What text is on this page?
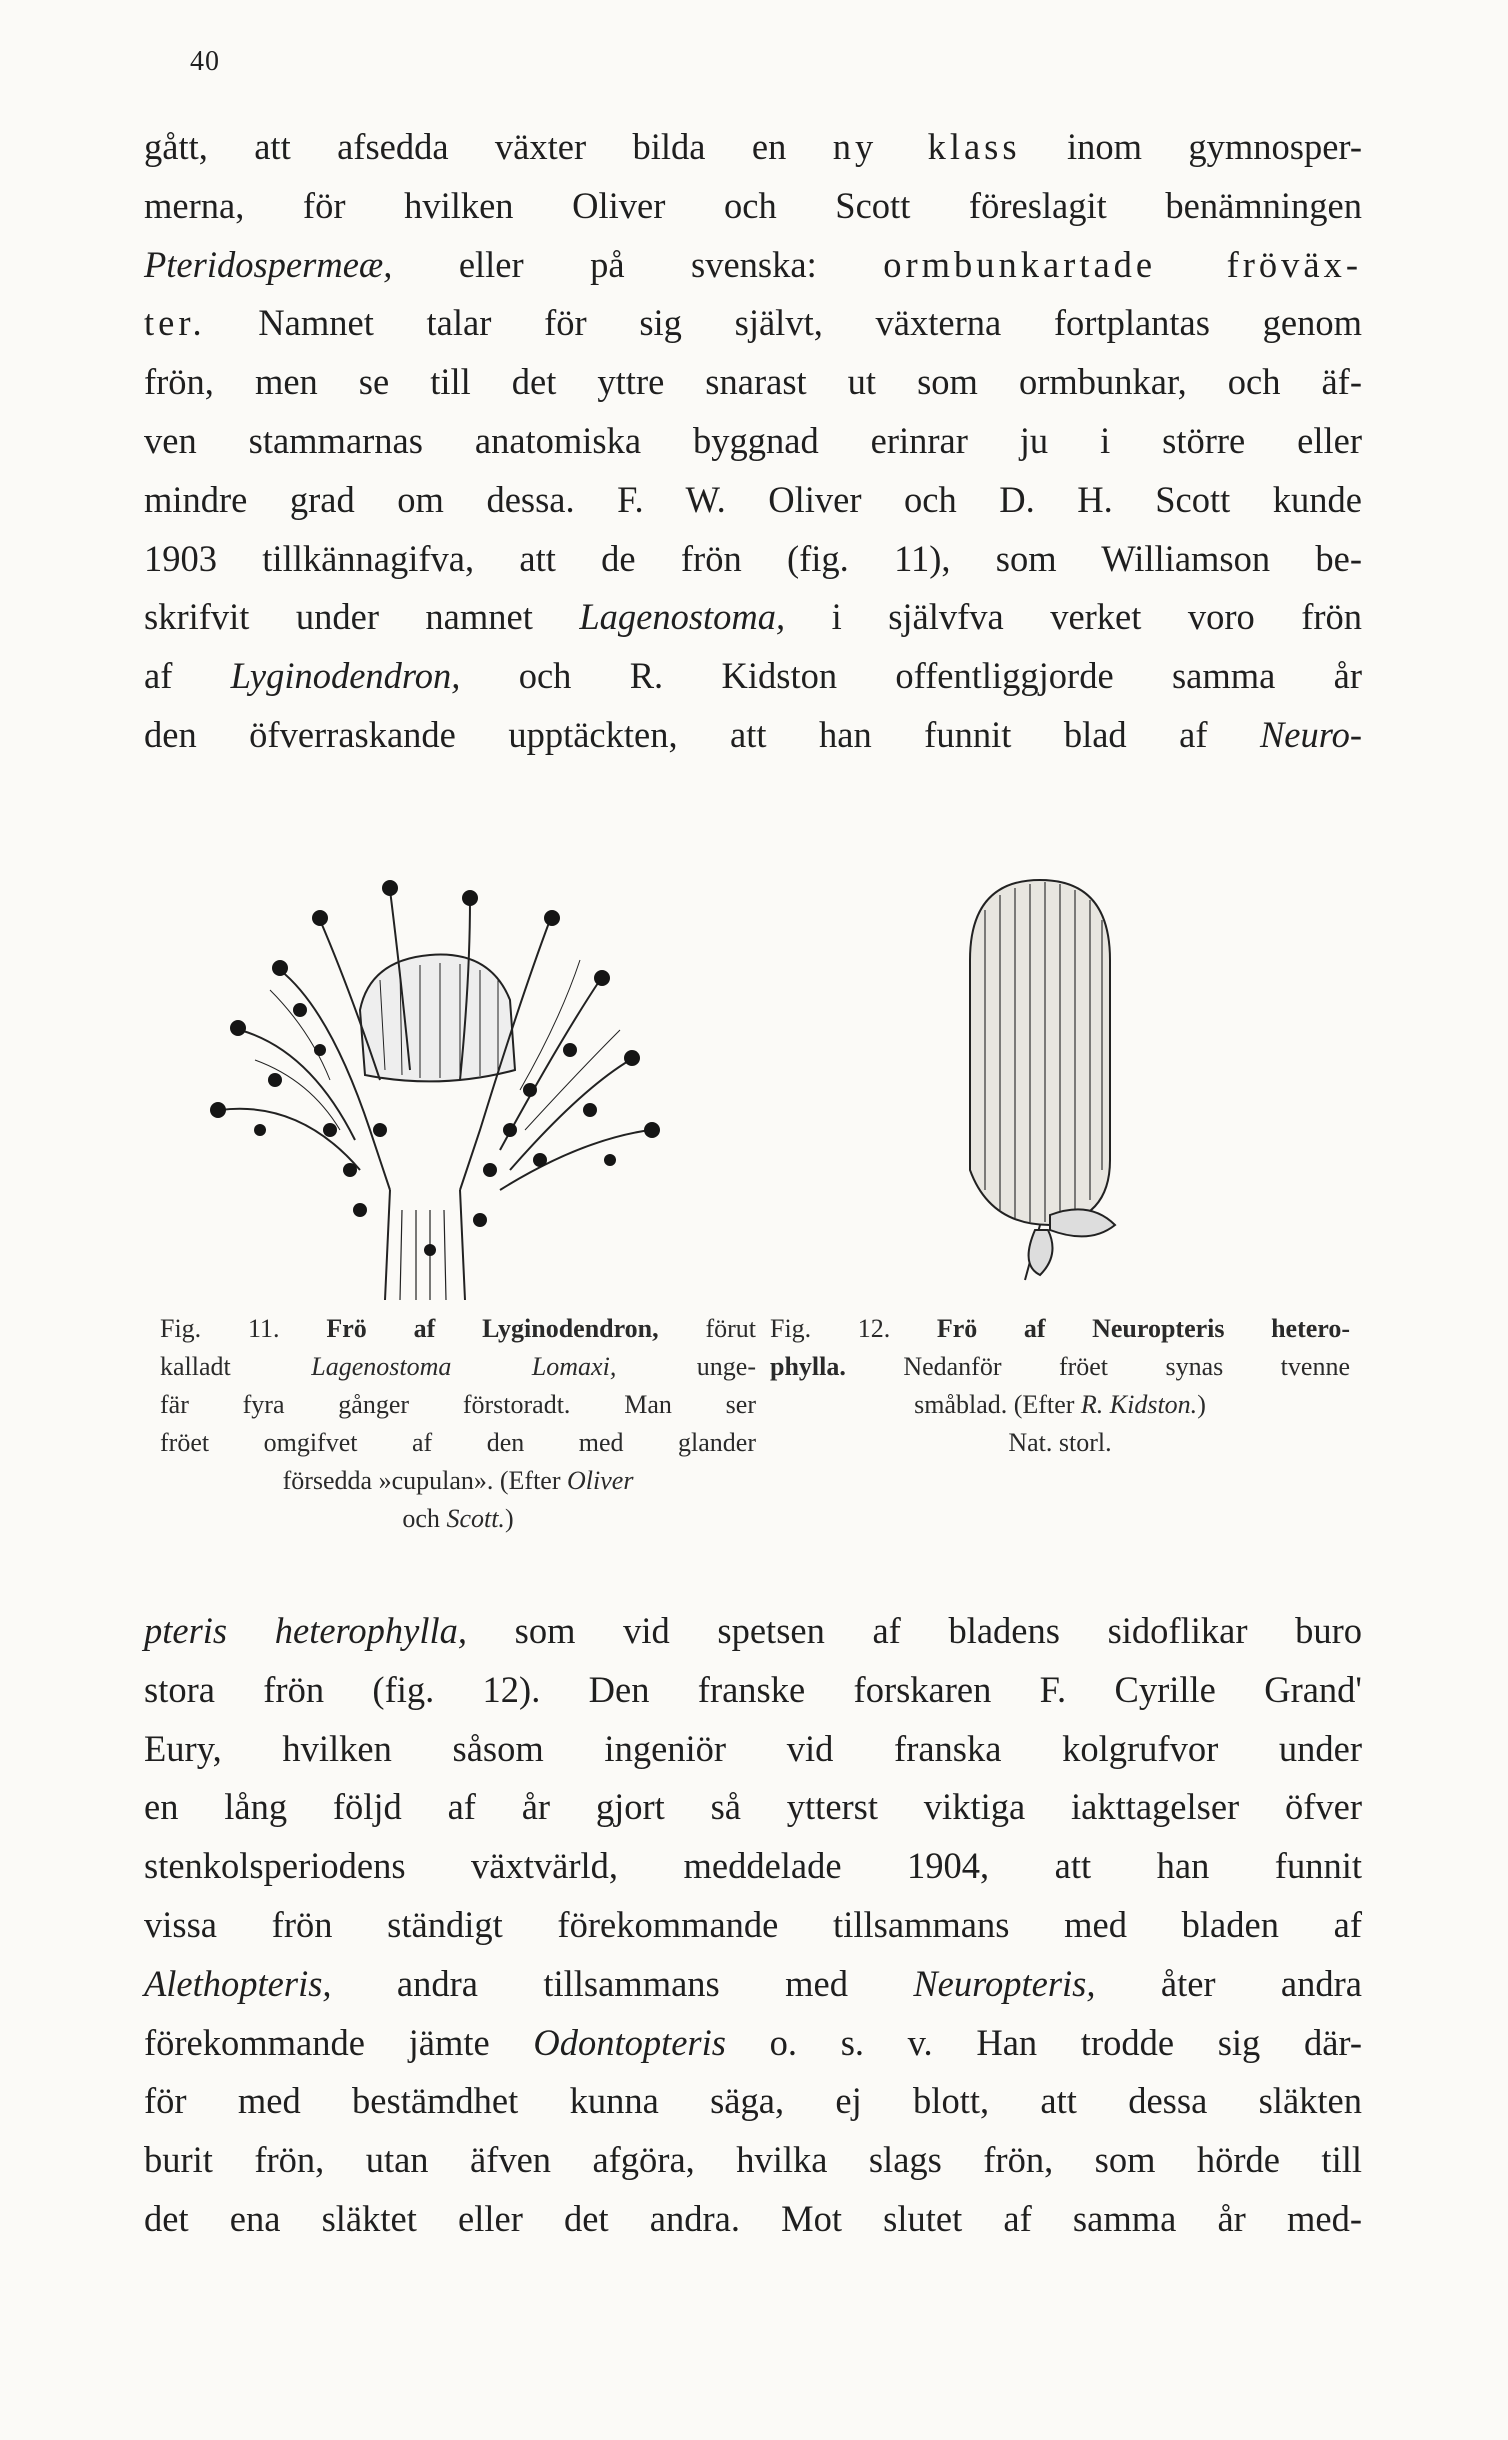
40
gått, att afsedda växter bilda en ny klass inom gymnosper-
merna, för hvilken Oliver och Scott föreslagit benämningen
Pteridospermeæ, eller på svenska: ormbunkartade fröväx-
ter. Namnet talar för sig självt, växterna fortplantas genom
frön, men se till det yttre snarast ut som ormbunkar, och äf-
ven stammarnas anatomiska byggnad erinrar ju i större eller
mindre grad om dessa. F. W. Oliver och D. H. Scott kunde
1903 tillkännagifva, att de frön (fig. 11), som Williamson be-
skrifvit under namnet Lagenostoma, i självfva verket voro frön
af Lyginodendron, och R. Kidston offentliggjorde samma år
den öfverraskande upptäckten, att han funnit blad af Neuro-
Fig. 11. Frö af Lyginodendron, förut
kalladt Lagenostoma Lomaxi, unge-
fär fyra gånger förstoradt. Man ser
fröet omgifvet af den med glander
försedda »cupulan». (Efter Oliver
och Scott.)
Fig. 12. Frö af Neuropteris hetero-
phylla. Nedanför fröet synas tvenne
småblad. (Efter R. Kidston.)
Nat. storl.
pteris heterophylla, som vid spetsen af bladens sidoflikar buro
stora frön (fig. 12). Den franske forskaren F. Cyrille Grand'
Eury, hvilken såsom ingeniör vid franska kolgrufvor under
en lång följd af år gjort så ytterst viktiga iakttagelser öfver
stenkolsperiodens växtvärld, meddelade 1904, att han funnit
vissa frön ständigt förekommande tillsammans med bladen af
Alethopteris, andra tillsammans med Neuropteris, åter andra
förekommande jämte Odontopteris o. s. v. Han trodde sig där-
för med bestämdhet kunna säga, ej blott, att dessa släkten
burit frön, utan äfven afgöra, hvilka slags frön, som hörde till
det ena släktet eller det andra. Mot slutet af samma år med-
